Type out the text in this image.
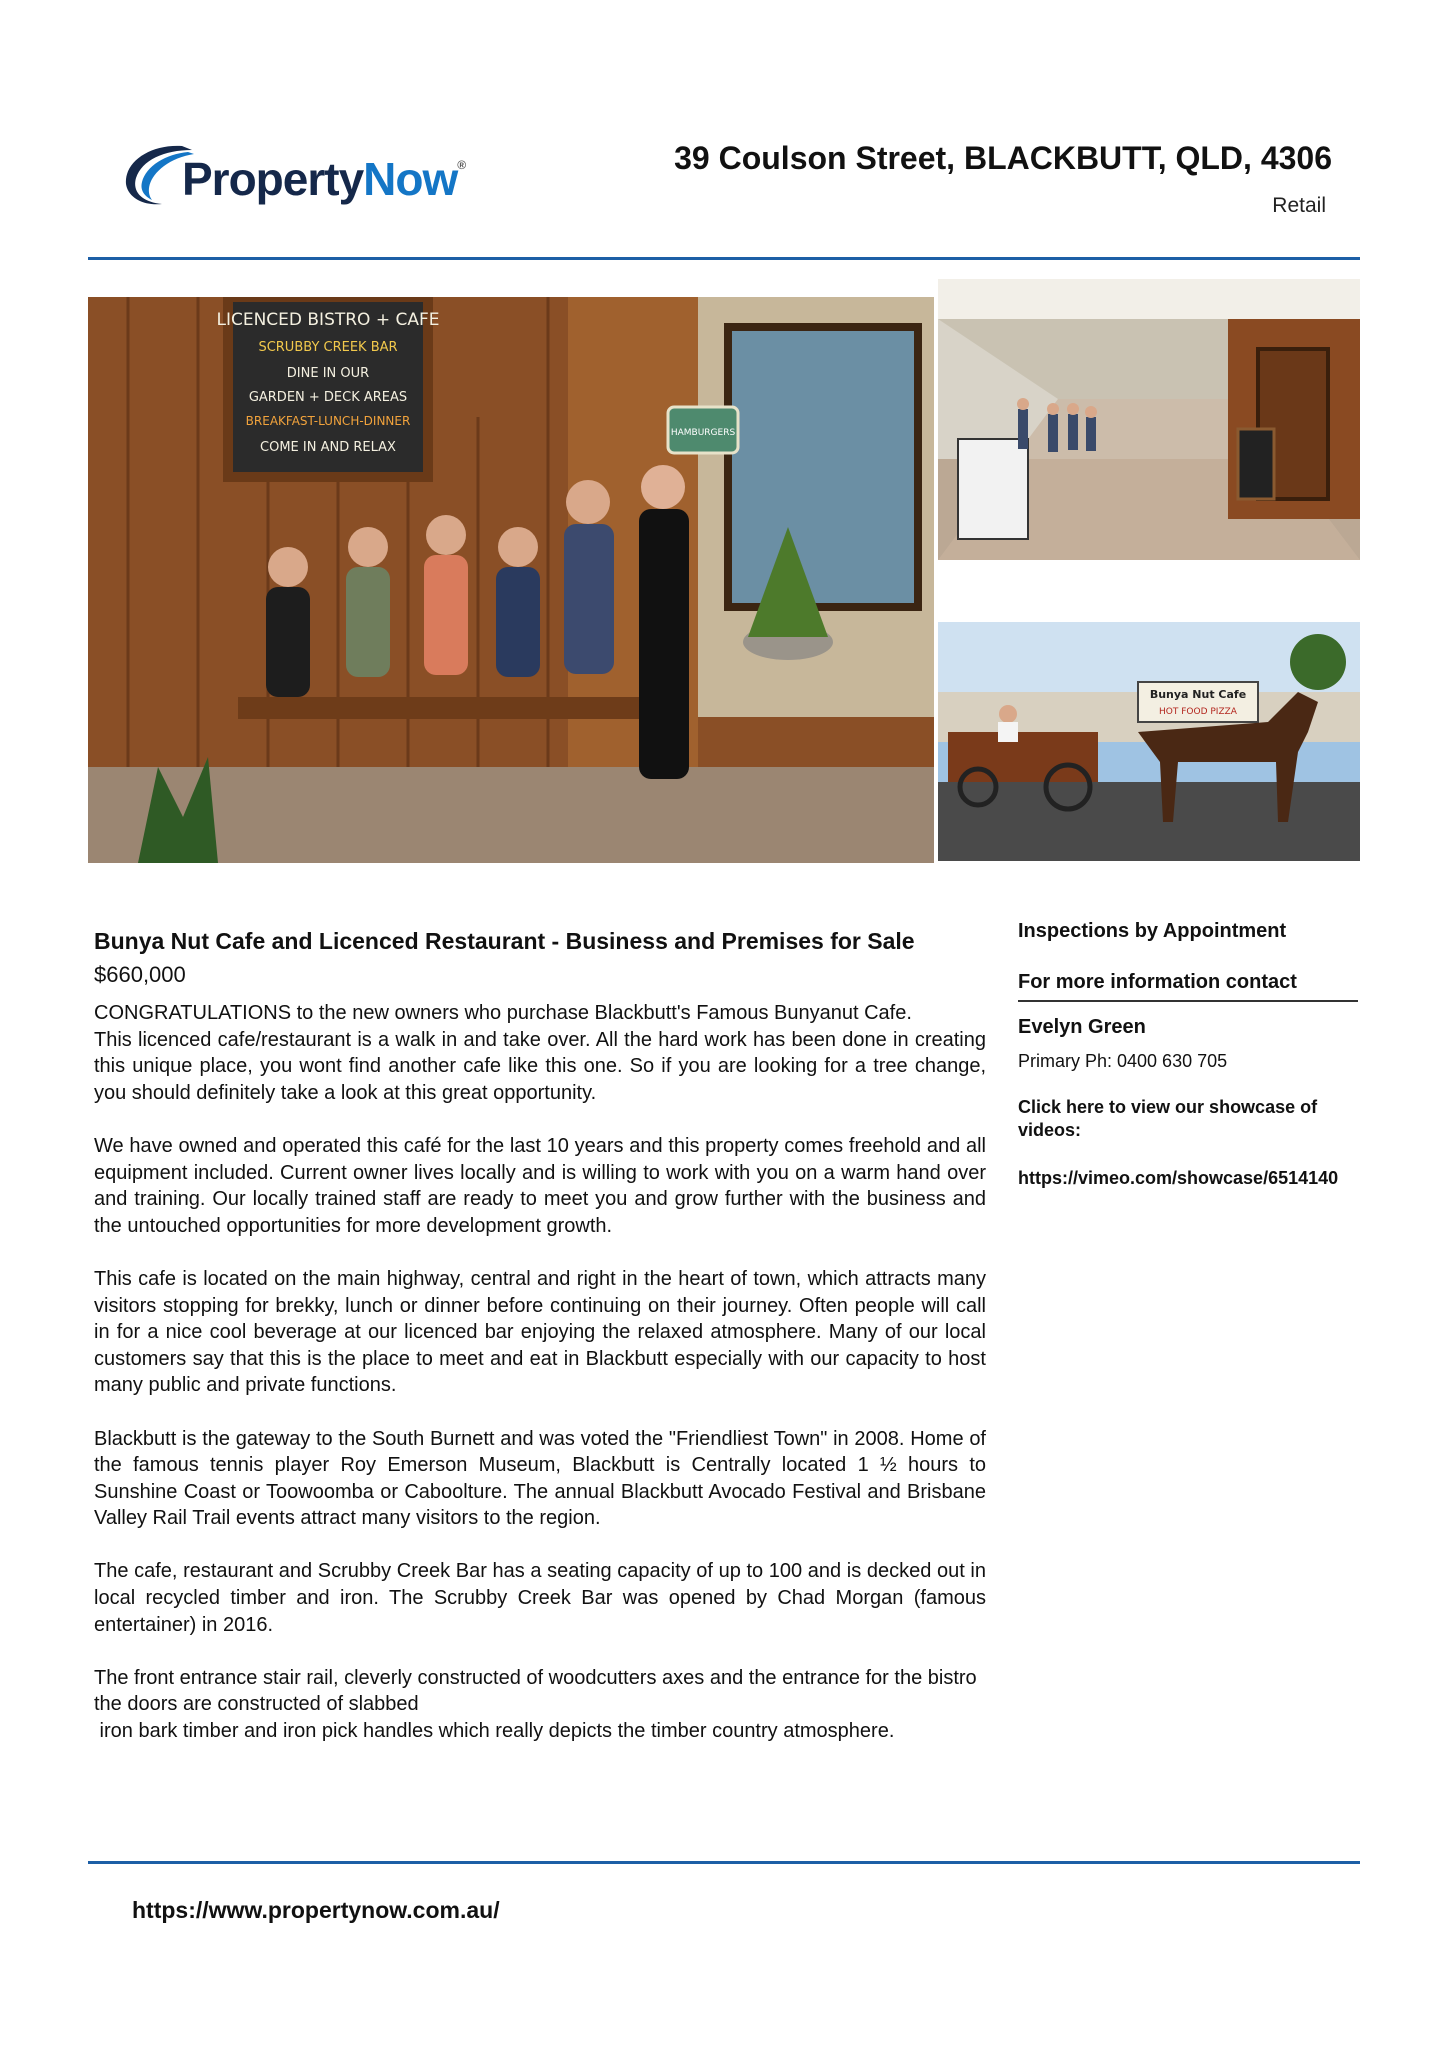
PropertyNow®	39 Coulson Street, BLACKBUTT, QLD, 4306
Retail
LICENCED BISTRO + CAFE
SCRUBBY CREEK BAR
DINE IN OUR
GARDEN + DECK AREAS
BREAKFAST-LUNCH-DINNER
COME IN AND RELAX
HAMBURGERS
Bunya Nut Cafe
HOT FOOD PIZZA
Bunya Nut Cafe and Licenced Restaurant - Business and Premises for Sale
$660,000

CONGRATULATIONS to the new owners who purchase Blackbutt's Famous Bunyanut Cafe.

This licenced cafe/restaurant is a walk in and take over. All the hard work has been done in creating this unique place, you wont find another cafe like this one. So if you are looking for a tree change, you should definitely take a look at this great opportunity.

We have owned and operated this café for the last 10 years and this property comes freehold and all equipment included. Current owner lives locally and is willing to work with you on a warm hand over and training. Our locally trained staff are ready to meet you and grow further with the business and the untouched opportunities for more development growth.

This cafe is located on the main highway, central and right in the heart of town, which attracts many visitors stopping for brekky, lunch or dinner before continuing on their journey. Often people will call in for a nice cool beverage at our licenced bar enjoying the relaxed atmosphere. Many of our local customers say that this is the place to meet and eat in Blackbutt especially with our capacity to host many public and private functions.

Blackbutt is the gateway to the South Burnett and was voted the "Friendliest Town" in 2008. Home of the famous tennis player Roy Emerson Museum, Blackbutt is Centrally located 1 ½ hours to Sunshine Coast or Toowoomba or Caboolture. The annual Blackbutt Avocado Festival and Brisbane Valley Rail Trail events attract many visitors to the region.

The cafe, restaurant and Scrubby Creek Bar has a seating capacity of up to 100 and is decked out in local recycled timber and iron. The Scrubby Creek Bar was opened by Chad Morgan (famous entertainer) in 2016.

The front entrance stair rail, cleverly constructed of woodcutters axes and the entrance for the bistro the doors are constructed of slabbed

iron bark timber and iron pick handles which really depicts the timber country atmosphere.

Inspections by Appointment
For more information contact
Evelyn Green
Primary Ph: 0400 630 705
Click here to view our showcase of videos:
https://vimeo.com/showcase/6514140
https://www.propertynow.com.au/
